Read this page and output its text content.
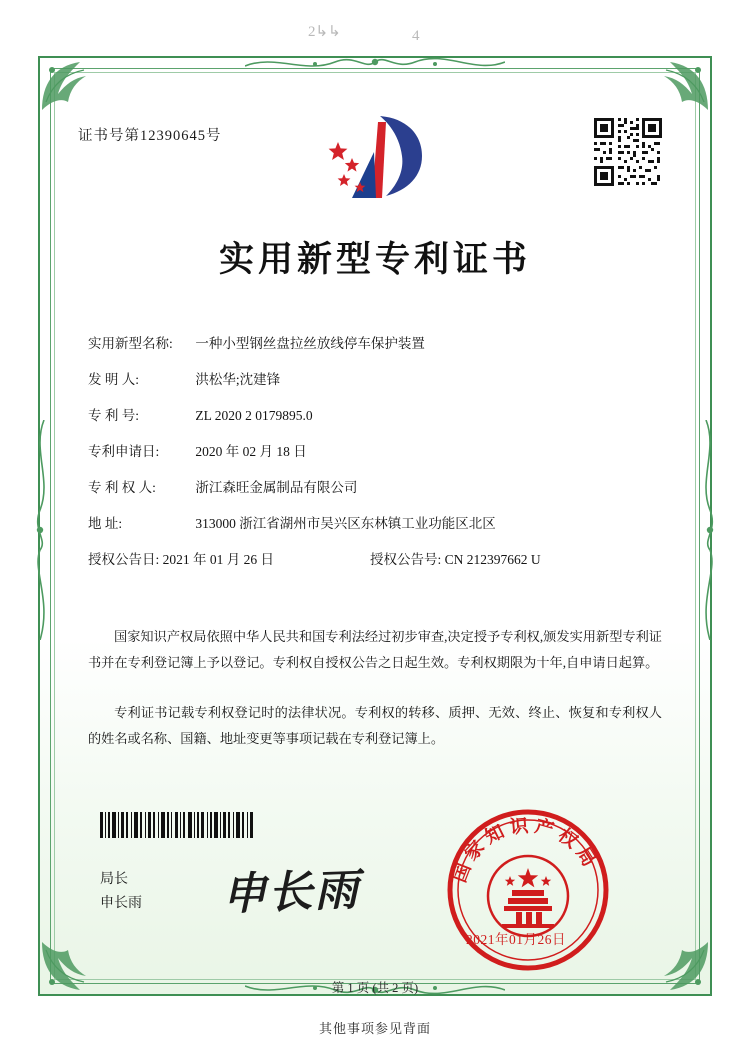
2↳↳	4
证书号第12390645号
实用新型专利证书
实用新型名称: 一种小型钢丝盘拉丝放线停车保护装置
发 明 人:	洪松华;沈建锋
专 利 号:	ZL 2020 2 0179895.0
专利申请日:	2020 年 02 月 18 日
专 利 权 人:	浙江森旺金属制品有限公司
地 址:	313000 浙江省湖州市吴兴区东林镇工业功能区北区
授权公告日: 2021 年 01 月 26 日	授权公告号: CN 212397662 U
国家知识产权局依照中华人民共和国专利法经过初步审查,决定授予专利权,颁发实用新型专利证书并在专利登记簿上予以登记。专利权自授权公告之日起生效。专利权期限为十年,自申请日起算。
专利证书记载专利权登记时的法律状况。专利权的转移、质押、无效、终止、恢复和专利权人的姓名或名称、国籍、地址变更等事项记载在专利登记簿上。
局长
申长雨 申长雨	国家知识产权局
2021年01月26日
第 1 页 (共 2 页)
其他事项参见背面
